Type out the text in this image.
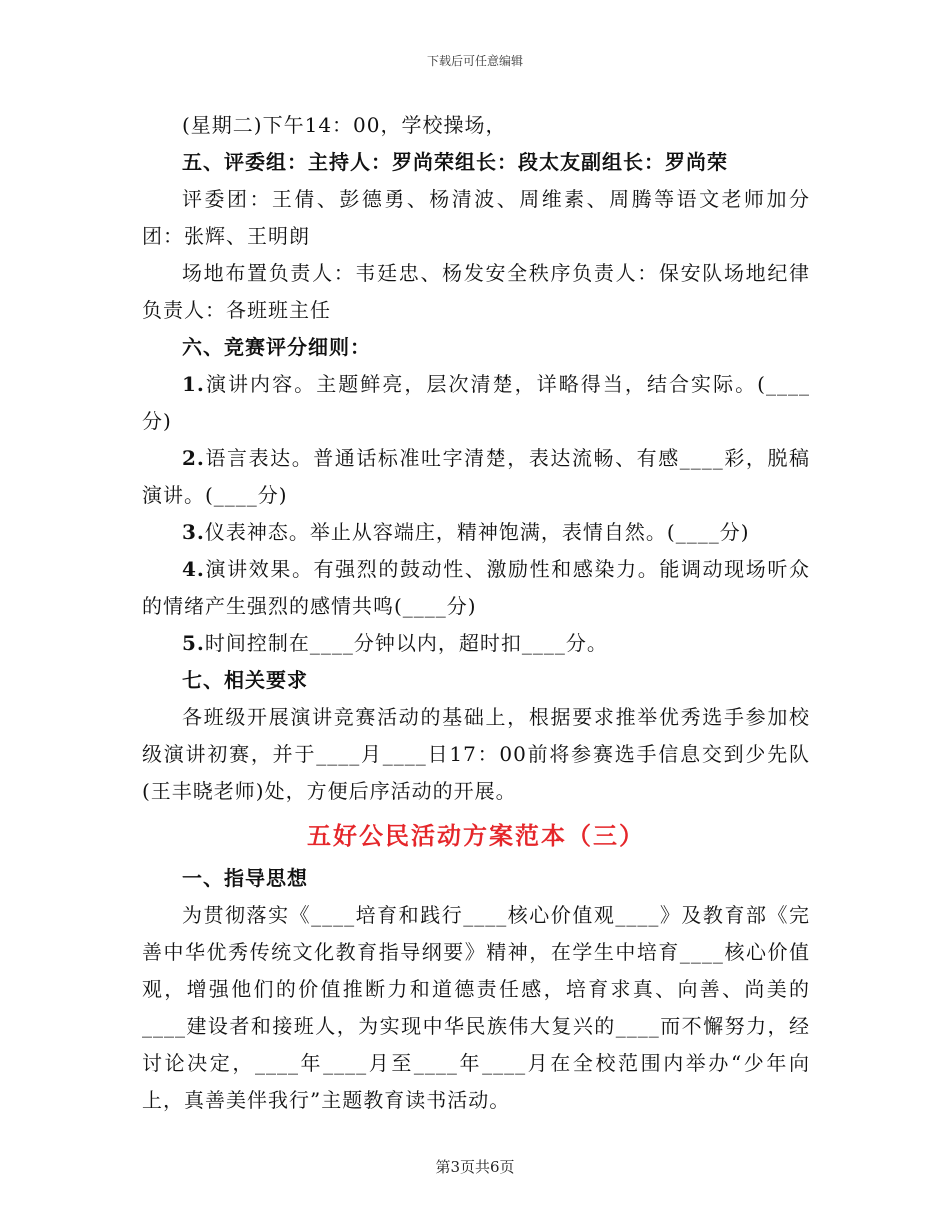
下载后可任意编辑

(星期二)下午14：00，学校操场，

五、评委组：主持人：罗尚荣组长：段太友副组长：罗尚荣

评委团：王倩、彭德勇、杨清波、周维素、周腾等语文老师加分团：张辉、王明朗

场地布置负责人：韦廷忠、杨发安全秩序负责人：保安队场地纪律负责人：各班班主任

六、竞赛评分细则：

1.演讲内容。主题鲜亮，层次清楚，详略得当，结合实际。(____分)

2.语言表达。普通话标准吐字清楚，表达流畅、有感____彩，脱稿演讲。(____分)

3.仪表神态。举止从容端庄，精神饱满，表情自然。(____分)

4.演讲效果。有强烈的鼓动性、激励性和感染力。能调动现场听众的情绪产生强烈的感情共鸣(____分)

5.时间控制在____分钟以内，超时扣____分。

七、相关要求

各班级开展演讲竞赛活动的基础上，根据要求推举优秀选手参加校级演讲初赛，并于____月____日17：00前将参赛选手信息交到少先队(王丰晓老师)处，方便后序活动的开展。

五好公民活动方案范本（三）

一、指导思想

为贯彻落实《____培育和践行____核心价值观____》及教育部《完善中华优秀传统文化教育指导纲要》精神，在学生中培育____核心价值观，增强他们的价值推断力和道德责任感，培育求真、向善、尚美的____建设者和接班人，为实现中华民族伟大复兴的____而不懈努力，经讨论决定，____年____月至____年____月在全校范围内举办“少年向上，真善美伴我行”主题教育读书活动。

第3页共6页
